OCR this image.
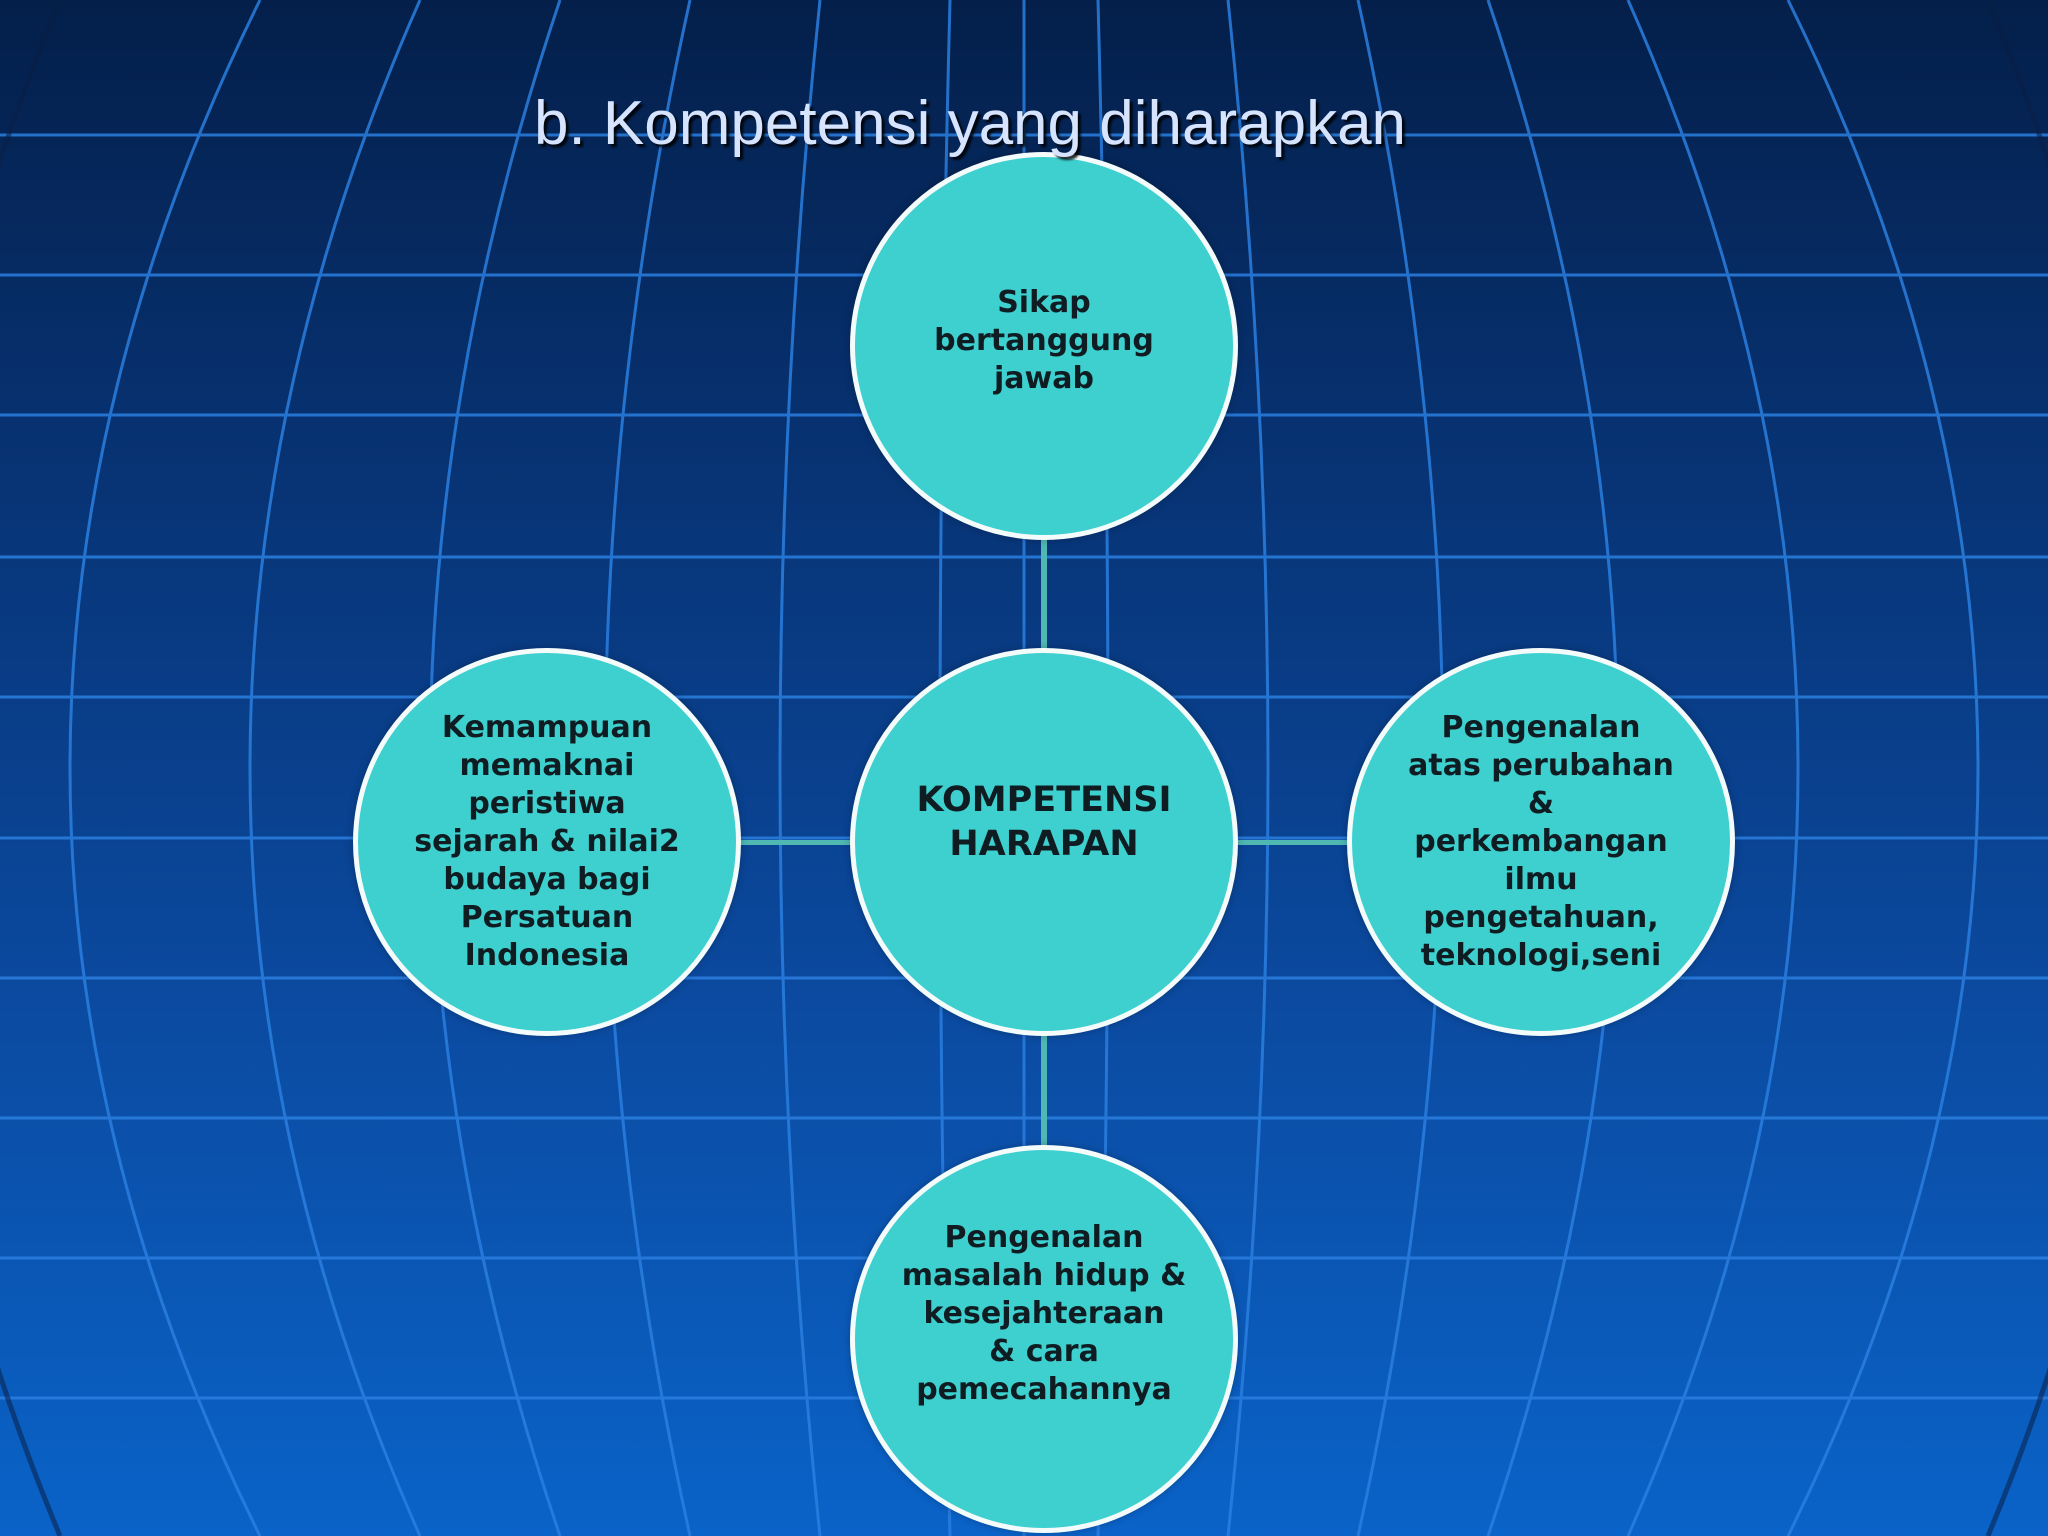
b. Kompetensi yang diharapkan
Sikap
bertanggung
jawab
KOMPETENSI
HARAPAN
Kemampuan
memaknai
peristiwa
sejarah & nilai2
budaya bagi
Persatuan
Indonesia
Pengenalan
atas perubahan
&
perkembangan
ilmu
pengetahuan,
teknologi,seni
Pengenalan
masalah hidup &
kesejahteraan
& cara
pemecahannya
